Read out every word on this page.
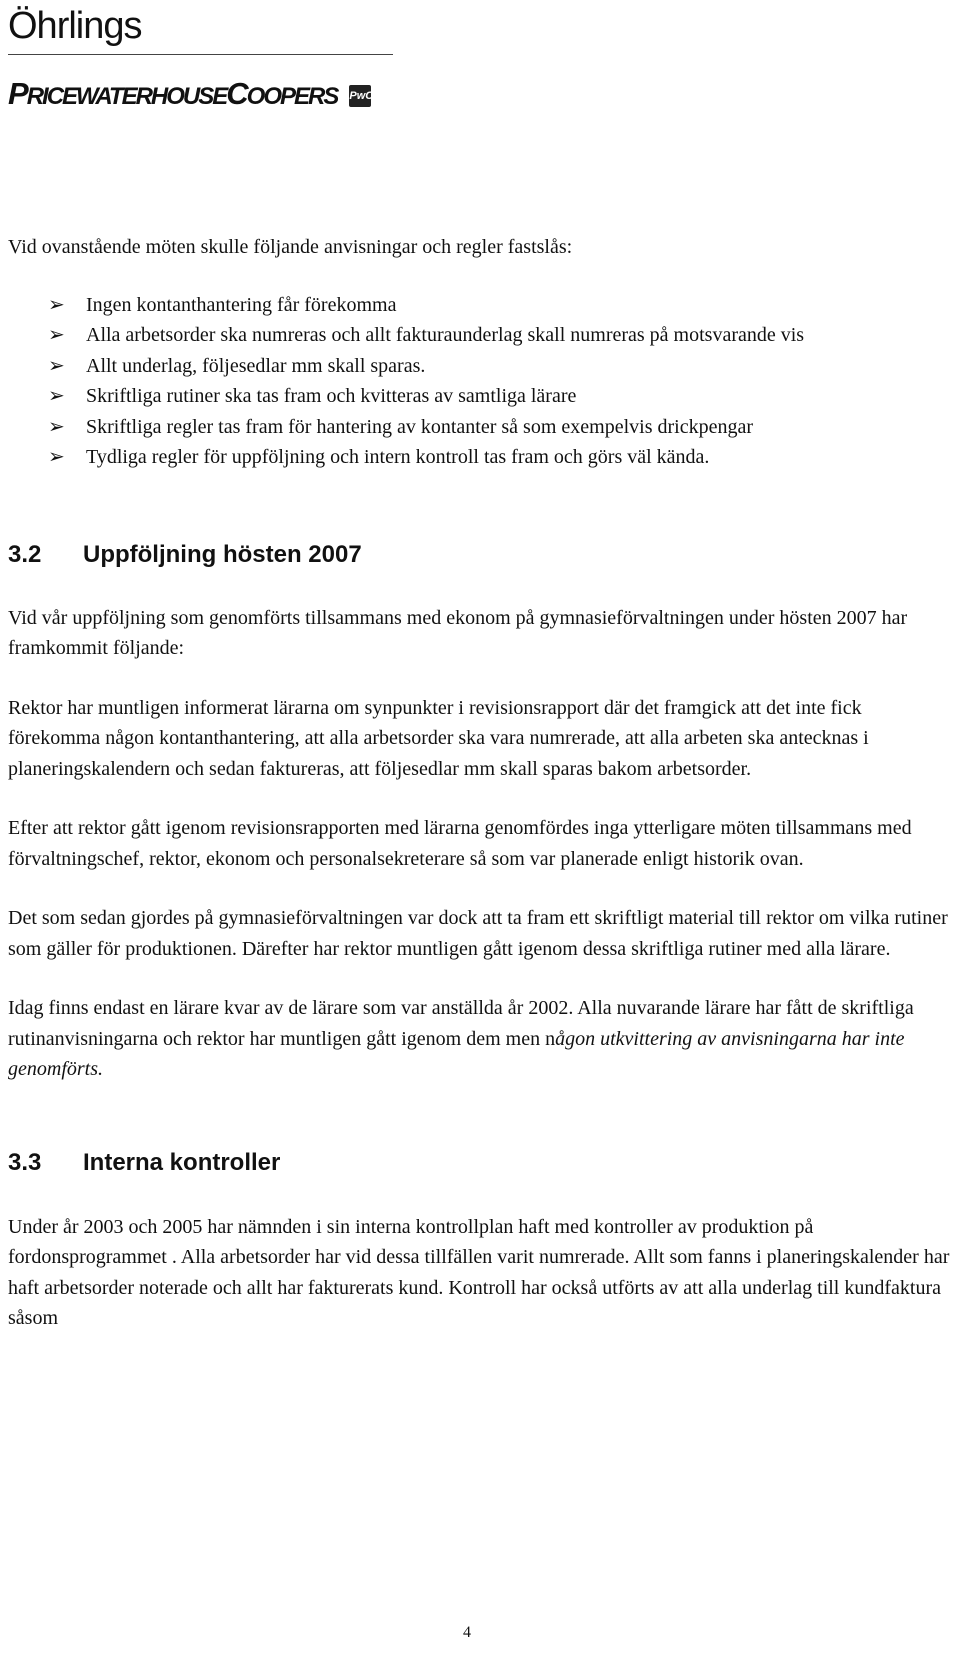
Öhrlings
PRICEWATERHOUSECOOPERS PwC

Vid ovanstående möten skulle följande anvisningar och regler fastslås:

➢ Ingen kontanthantering får förekomma
➢ Alla arbetsorder ska numreras och allt fakturaunderlag skall numreras på motsvarande vis
➢ Allt underlag, följesedlar mm skall sparas.
➢ Skriftliga rutiner ska tas fram och kvitteras av samtliga lärare
➢ Skriftliga regler tas fram för hantering av kontanter så som exempelvis drickpengar
➢ Tydliga regler för uppföljning och intern kontroll tas fram och görs väl kända.
3.2 Uppföljning hösten 2007

Vid vår uppföljning som genomförts tillsammans med ekonom på gymnasieförvaltningen under hösten 2007 har framkommit följande:

Rektor har muntligen informerat lärarna om synpunkter i revisionsrapport där det framgick att det inte fick förekomma någon kontanthantering, att alla arbetsorder ska vara numrerade, att alla arbeten ska antecknas i planeringskalendern och sedan faktureras, att följesedlar mm skall sparas bakom arbetsorder.

Efter att rektor gått igenom revisionsrapporten med lärarna genomfördes inga ytterligare möten tillsammans med förvaltningschef, rektor, ekonom och personalsekreterare så som var planerade enligt historik ovan.

Det som sedan gjordes på gymnasieförvaltningen var dock att ta fram ett skriftligt material till rektor om vilka rutiner som gäller för produktionen. Därefter har rektor muntligen gått igenom dessa skriftliga rutiner med alla lärare.

Idag finns endast en lärare kvar av de lärare som var anställda år 2002. Alla nuvarande lärare har fått de skriftliga rutinanvisningarna och rektor har muntligen gått igenom dem men någon utkvittering av anvisningarna har inte genomförts.

3.3 Interna kontroller

Under år 2003 och 2005 har nämnden i sin interna kontrollplan haft med kontroller av produktion på fordonsprogrammet . Alla arbetsorder har vid dessa tillfällen varit numrerade. Allt som fanns i planeringskalender har haft arbetsorder noterade och allt har fakturerats kund. Kontroll har också utförts av att alla underlag till kundfaktura såsom

4
